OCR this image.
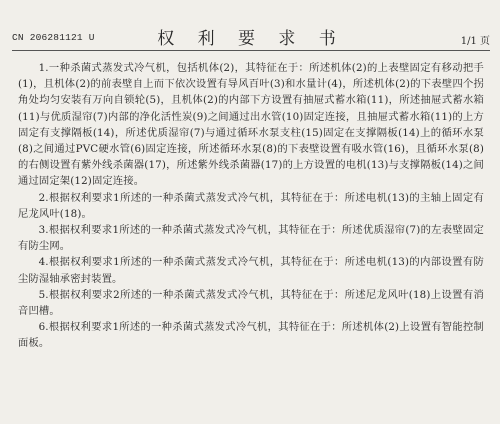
CN 206281121 U	权 利 要 求 书	1/1 页

1.一种杀菌式蒸发式冷气机，包括机体(2)，其特征在于：所述机体(2)的上表壁固定有移动把手(1)，且机体(2)的前表壁自上而下依次设置有导风百叶(3)和水量计(4)，所述机体(2)的下表壁四个拐角处均匀安装有万向自锁轮(5)，且机体(2)的内部下方设置有抽屉式蓄水箱(11)，所述抽屉式蓄水箱(11)与优质湿帘(7)内部的净化活性炭(9)之间通过出水管(10)固定连接，且抽屉式蓄水箱(11)的上方固定有支撑隔板(14)，所述优质湿帘(7)与通过循环水泵支柱(15)固定在支撑隔板(14)上的循环水泵(8)之间通过PVC硬水管(6)固定连接，所述循环水泵(8)的下表壁设置有吸水管(16)，且循环水泵(8)的右侧设置有紫外线杀菌器(17)，所述紫外线杀菌器(17)的上方设置的电机(13)与支撑隔板(14)之间通过固定架(12)固定连接。

2.根据权利要求1所述的一种杀菌式蒸发式冷气机，其特征在于：所述电机(13)的主轴上固定有尼龙风叶(18)。

3.根据权利要求1所述的一种杀菌式蒸发式冷气机，其特征在于：所述优质湿帘(7)的左表壁固定有防尘网。

4.根据权利要求1所述的一种杀菌式蒸发式冷气机，其特征在于：所述电机(13)的内部设置有防尘防湿轴承密封装置。

5.根据权利要求2所述的一种杀菌式蒸发式冷气机，其特征在于：所述尼龙风叶(18)上设置有消音凹槽。

6.根据权利要求1所述的一种杀菌式蒸发式冷气机，其特征在于：所述机体(2)上设置有智能控制面板。
